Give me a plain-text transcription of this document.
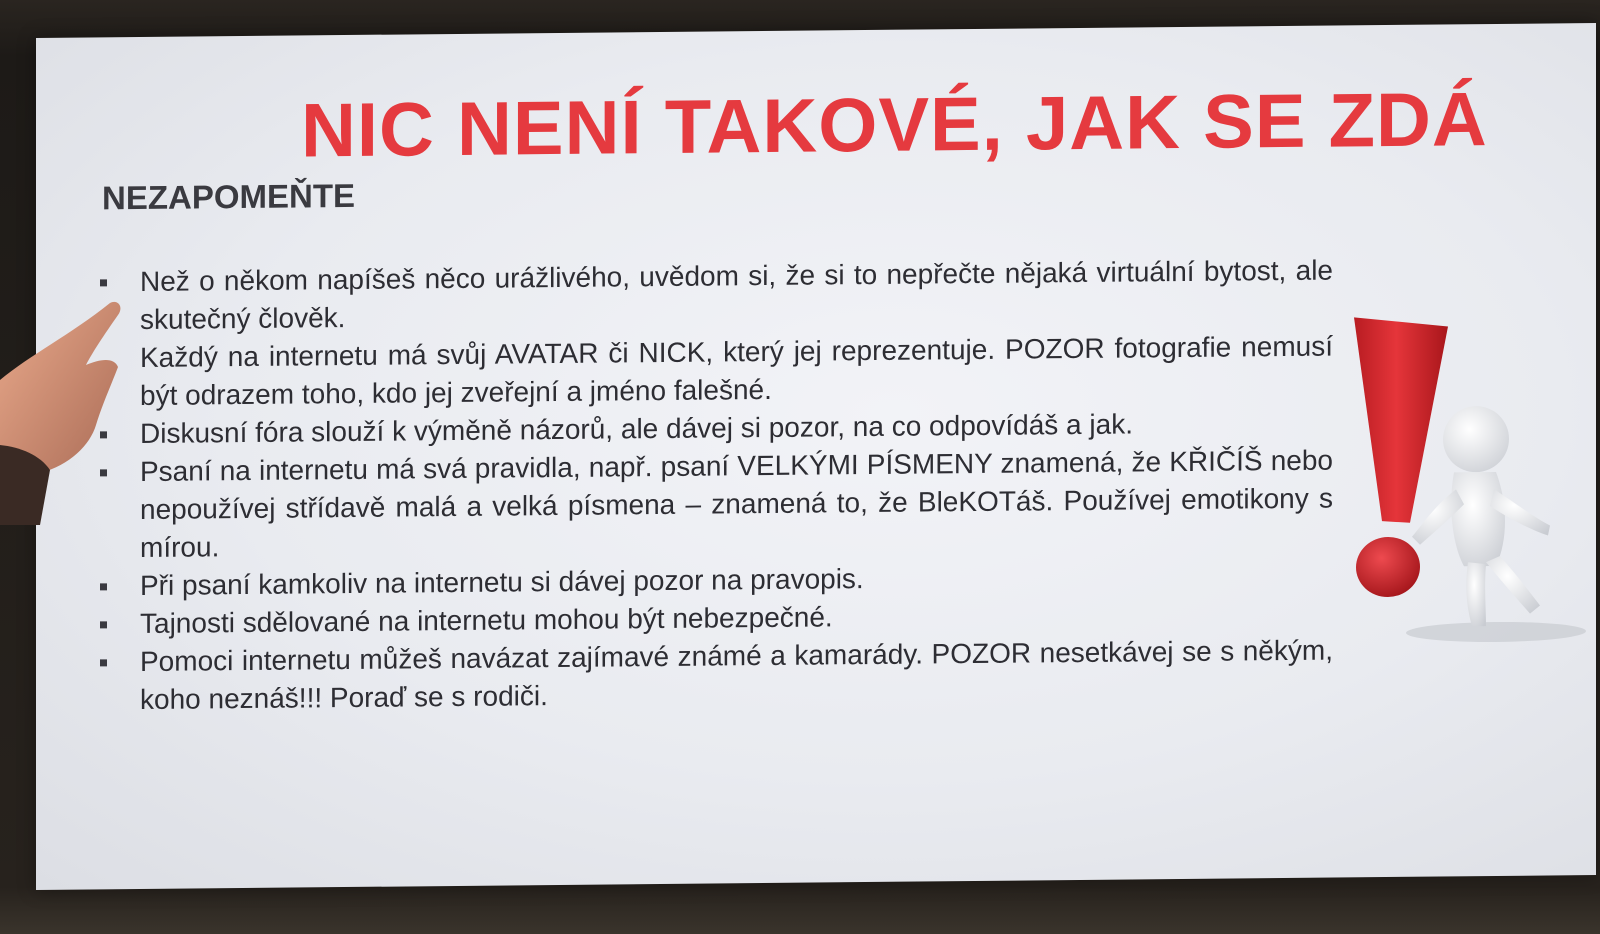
NIC NENÍ TAKOVÉ, JAK SE ZDÁ
NEZAPOMEŇTE
Než o někom napíšeš něco urážlivého, uvědom si, že si to nepřečte nějaká virtuální bytost, ale skutečný člověk.
Každý na internetu má svůj AVATAR či NICK, který jej reprezentuje. POZOR fotografie nemusí být odrazem toho, kdo jej zveřejní a jméno falešné.
Diskusní fóra slouží k výměně názorů, ale dávej si pozor, na co odpovídáš a jak.
Psaní na internetu má svá pravidla, např. psaní VELKÝMI PÍSMENY znamená, že KŘIČÍŠ nebo nepoužívej střídavě malá a velká písmena – znamená to, že BleKOTáš. Používej emotikony s mírou.
Při psaní kamkoliv na internetu si dávej pozor na pravopis.
Tajnosti sdělované na internetu mohou být nebezpečné.
Pomoci internetu můžeš navázat zajímavé známé a kamarády. POZOR nesetkávej se s někým, koho neznáš!!! Poraď se s rodiči.
